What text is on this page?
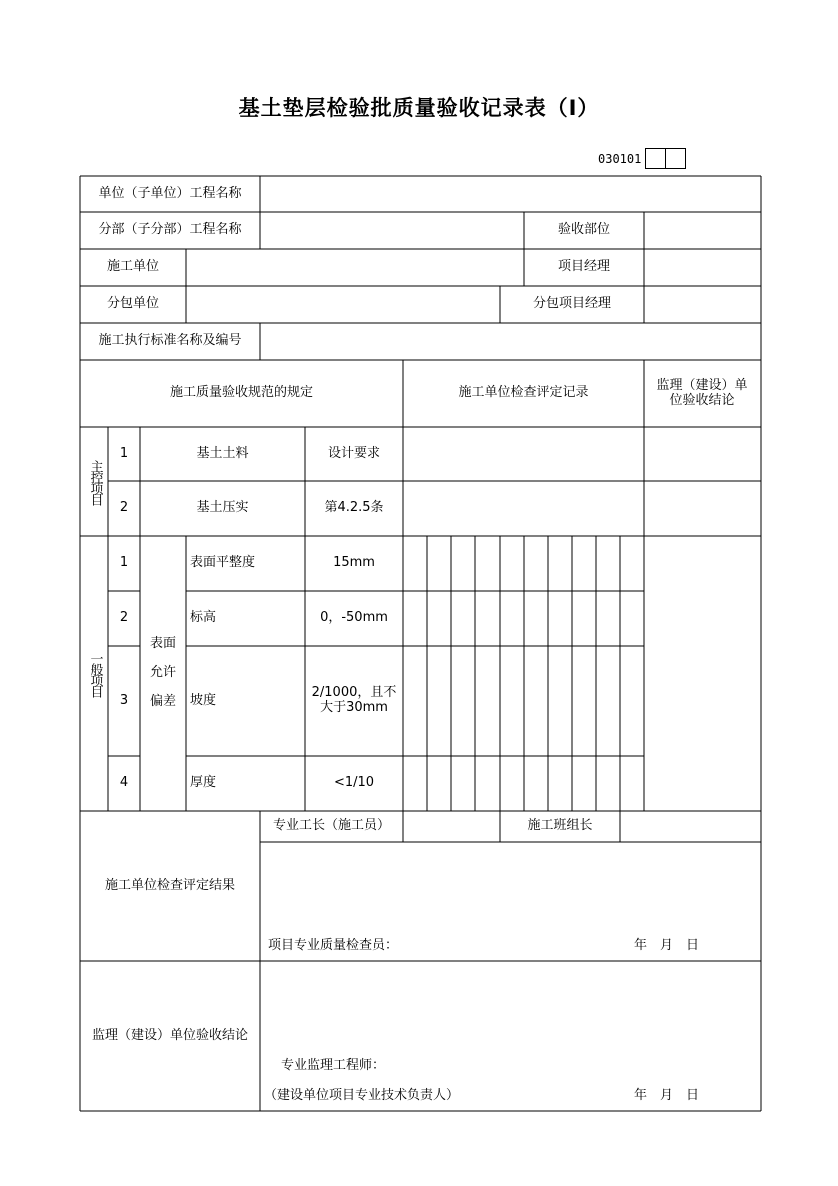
基土垫层检验批质量验收记录表（Ⅰ）
030101
单位（子单位）工程名称
分部（子分部）工程名称	验收部位
施工单位	项目经理
分包单位	分包项目经理
施工执行标准名称及编号
施工质量验收规范的规定	施工单位检查评定记录	监理（建设）单位验收结论
主控项目
1	基土土料	设计要求
2	基土压实	第4.2.5条
一般项目
表面
允许
偏差
1	表面平整度	15mm
2	标高	0，-50mm
3	坡度	2/1000，且不大于30mm
4	厚度	<1/10
专业工长（施工员）	施工班组长
施工单位检查评定结果
项目专业质量检查员：	年　月　日
监理（建设）单位验收结论
专业监理工程师：
（建设单位项目专业技术负责人）	年　月　日
